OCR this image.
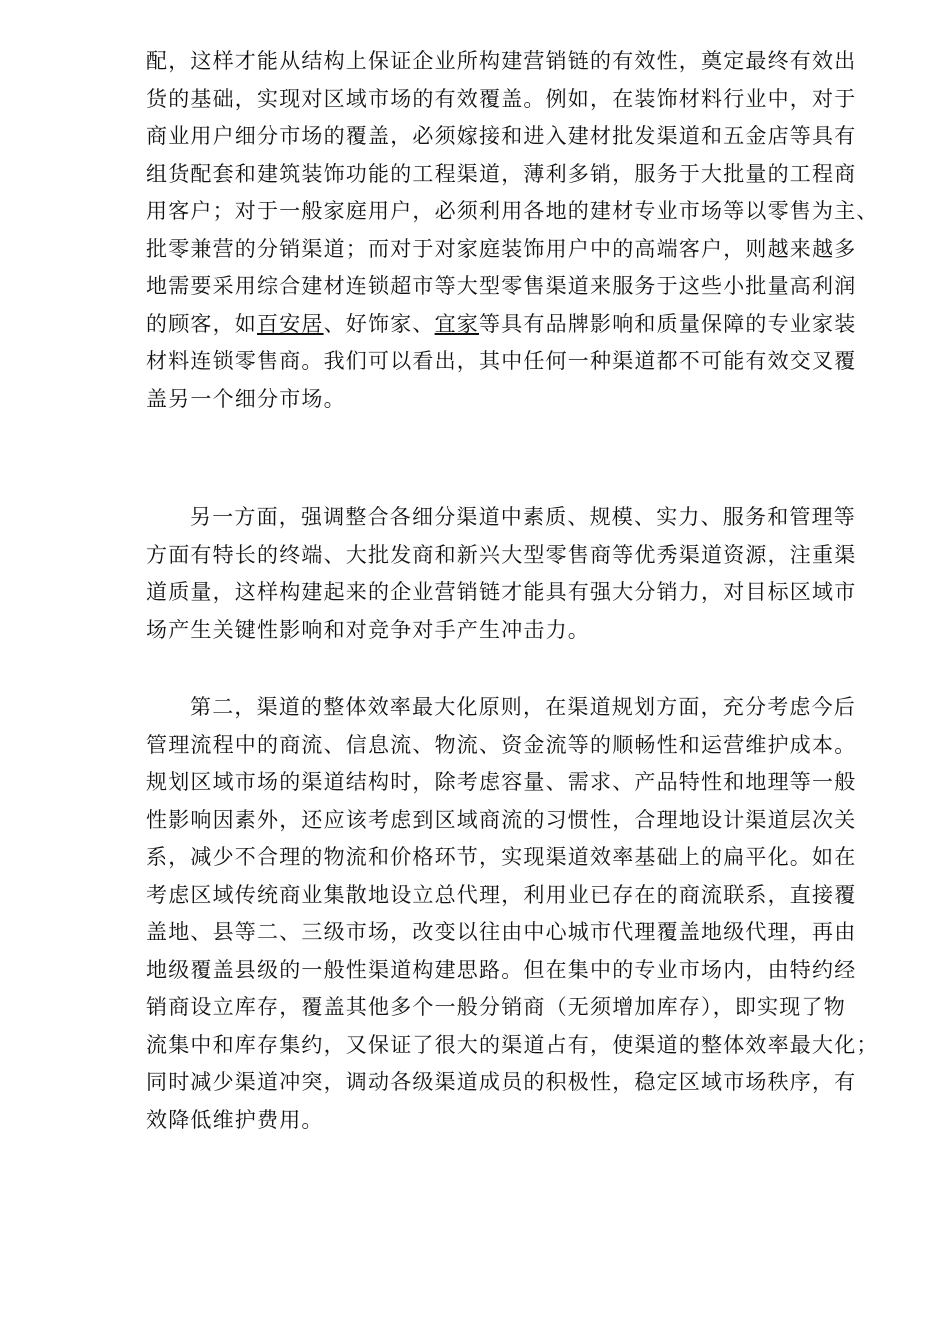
配，这样才能从结构上保证企业所构建营销链的有效性，奠定最终有效出
货的基础，实现对区域市场的有效覆盖。例如，在装饰材料行业中，对于
商业用户细分市场的覆盖，必须嫁接和进入建材批发渠道和五金店等具有
组货配套和建筑装饰功能的工程渠道，薄利多销，服务于大批量的工程商
用客户；对于一般家庭用户，必须利用各地的建材专业市场等以零售为主、
批零兼营的分销渠道；而对于对家庭装饰用户中的高端客户，则越来越多
地需要采用综合建材连锁超市等大型零售渠道来服务于这些小批量高利润
的顾客，如百安居、好饰家、宜家等具有品牌影响和质量保障的专业家装
材料连锁零售商。我们可以看出，其中任何一种渠道都不可能有效交叉覆
盖另一个细分市场。
另一方面，强调整合各细分渠道中素质、规模、实力、服务和管理等
方面有特长的终端、大批发商和新兴大型零售商等优秀渠道资源，注重渠
道质量，这样构建起来的企业营销链才能具有强大分销力，对目标区域市
场产生关键性影响和对竞争对手产生冲击力。
第二，渠道的整体效率最大化原则，在渠道规划方面，充分考虑今后
管理流程中的商流、信息流、物流、资金流等的顺畅性和运营维护成本。
规划区域市场的渠道结构时，除考虑容量、需求、产品特性和地理等一般
性影响因素外，还应该考虑到区域商流的习惯性，合理地设计渠道层次关
系，减少不合理的物流和价格环节，实现渠道效率基础上的扁平化。如在
考虑区域传统商业集散地设立总代理，利用业已存在的商流联系，直接覆
盖地、县等二、三级市场，改变以往由中心城市代理覆盖地级代理，再由
地级覆盖县级的一般性渠道构建思路。但在集中的专业市场内，由特约经
销商设立库存，覆盖其他多个一般分销商（无须增加库存），即实现了物
流集中和库存集约，又保证了很大的渠道占有，使渠道的整体效率最大化；
同时减少渠道冲突，调动各级渠道成员的积极性，稳定区域市场秩序，有
效降低维护费用。
